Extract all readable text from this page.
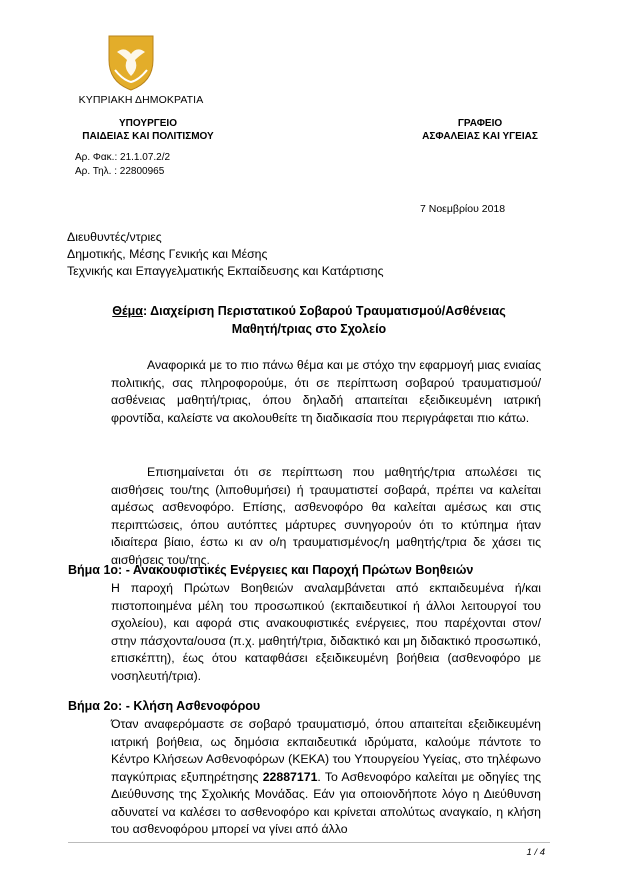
ΚΥΠΡΙΑΚΗ ΔΗΜΟΚΡΑΤΙΑ
ΥΠΟΥΡΓΕΙΟ
ΠΑΙΔΕΙΑΣ ΚΑΙ ΠΟΛΙΤΙΣΜΟΥ
ΓΡΑΦΕΙΟ
ΑΣΦΑΛΕΙΑΣ ΚΑΙ ΥΓΕΙΑΣ
Αρ. Φακ.: 21.1.07.2/2
Αρ. Τηλ. : 22800965
7 Νοεμβρίου 2018
Διευθυντές/ντριες
Δημοτικής, Μέσης Γενικής και Μέσης
Τεχνικής και Επαγγελματικής Εκπαίδευσης και Κατάρτισης
Θέμα: Διαχείριση Περιστατικού Σοβαρού Τραυματισμού/Ασθένειας
Μαθητή/τριας στο Σχολείο
Αναφορικά με το πιο πάνω θέμα και με στόχο την εφαρμογή μιας ενιαίας πολιτικής, σας πληροφορούμε, ότι σε περίπτωση σοβαρού τραυματισμού/ασθένειας μαθητή/τριας, όπου δηλαδή απαιτείται εξειδικευμένη ιατρική φροντίδα, καλείστε να ακολουθείτε τη διαδικασία που περιγράφεται πιο κάτω.
Επισημαίνεται ότι σε περίπτωση που μαθητής/τρια απωλέσει τις αισθήσεις του/της (λιποθυμήσει) ή τραυματιστεί σοβαρά, πρέπει να καλείται αμέσως ασθενοφόρο. Επίσης, ασθενοφόρο θα καλείται αμέσως και στις περιπτώσεις, όπου αυτόπτες μάρτυρες συνηγορούν ότι το κτύπημα ήταν ιδιαίτερα βίαιο, έστω κι αν ο/η τραυματισμένος/η μαθητής/τρια δε χάσει τις αισθήσεις του/της.
Βήμα 1ο: - Ανακουφιστικές Ενέργειες και Παροχή Πρώτων Βοηθειών
Η παροχή Πρώτων Βοηθειών αναλαμβάνεται από εκπαιδευμένα ή/και πιστοποιημένα μέλη του προσωπικού (εκπαιδευτικοί ή άλλοι λειτουργοί του σχολείου), και αφορά στις ανακουφιστικές ενέργειες, που παρέχονται στον/στην πάσχοντα/ουσα (π.χ. μαθητή/τρια, διδακτικό και μη διδακτικό προσωπικό, επισκέπτη), έως ότου καταφθάσει εξειδικευμένη βοήθεια (ασθενοφόρο με νοσηλευτή/τρια).
Βήμα 2ο: - Κλήση Ασθενοφόρου
Όταν αναφερόμαστε σε σοβαρό τραυματισμό, όπου απαιτείται εξειδικευμένη ιατρική βοήθεια, ως δημόσια εκπαιδευτικά ιδρύματα, καλούμε πάντοτε το Κέντρο Κλήσεων Ασθενοφόρων (ΚΕΚΑ) του Υπουργείου Υγείας, στο τηλέφωνο παγκύπριας εξυπηρέτησης 22887171. Το Ασθενοφόρο καλείται με οδηγίες της Διεύθυνσης της Σχολικής Μονάδας. Εάν για οποιονδήποτε λόγο η Διεύθυνση αδυνατεί να καλέσει το ασθενοφόρο και κρίνεται απολύτως αναγκαίο, η κλήση του ασθενοφόρου μπορεί να γίνει από άλλο
1 / 4
